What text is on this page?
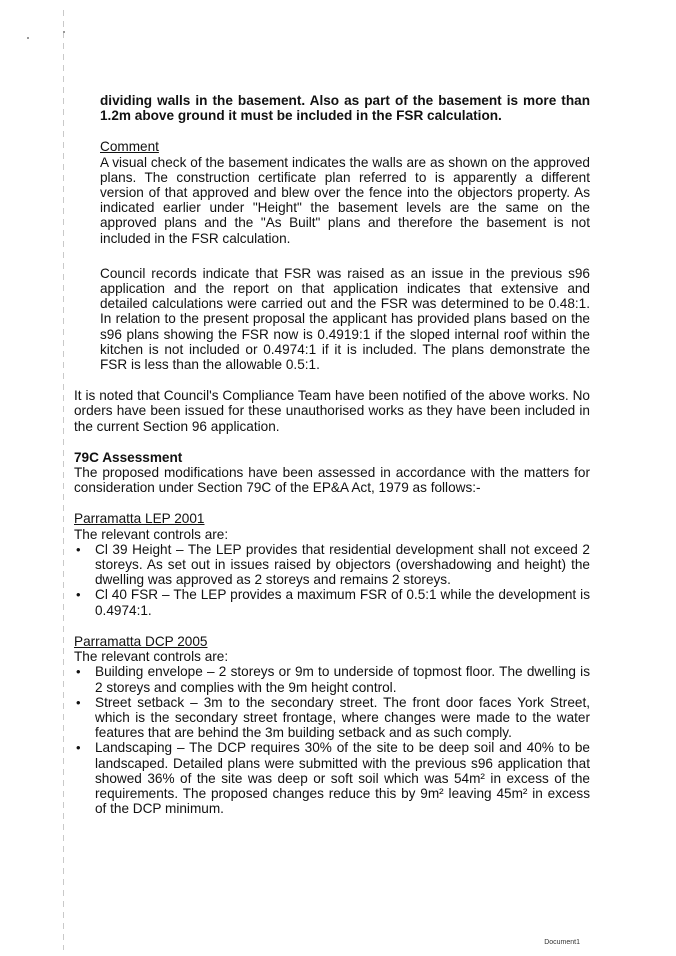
dividing walls in the basement. Also as part of the basement is more than 1.2m above ground it must be included in the FSR calculation.

Comment

A visual check of the basement indicates the walls are as shown on the approved plans. The construction certificate plan referred to is apparently a different version of that approved and blew over the fence into the objectors property. As indicated earlier under "Height" the basement levels are the same on the approved plans and the "As Built" plans and therefore the basement is not included in the FSR calculation.

Council records indicate that FSR was raised as an issue in the previous s96 application and the report on that application indicates that extensive and detailed calculations were carried out and the FSR was determined to be 0.48:1. In relation to the present proposal the applicant has provided plans based on the s96 plans showing the FSR now is 0.4919:1 if the sloped internal roof within the kitchen is not included or 0.4974:1 if it is included. The plans demonstrate the FSR is less than the allowable 0.5:1.

It is noted that Council's Compliance Team have been notified of the above works. No orders have been issued for these unauthorised works as they have been included in the current Section 96 application.

79C Assessment

The proposed modifications have been assessed in accordance with the matters for consideration under Section 79C of the EP&A Act, 1979 as follows:-

Parramatta LEP 2001

The relevant controls are:

• Cl 39 Height – The LEP provides that residential development shall not exceed 2 storeys. As set out in issues raised by objectors (overshadowing and height) the dwelling was approved as 2 storeys and remains 2 storeys.
• Cl 40 FSR – The LEP provides a maximum FSR of 0.5:1 while the development is 0.4974:1.

Parramatta DCP 2005

The relevant controls are:

• Building envelope – 2 storeys or 9m to underside of topmost floor. The dwelling is 2 storeys and complies with the 9m height control.
• Street setback – 3m to the secondary street. The front door faces York Street, which is the secondary street frontage, where changes were made to the water features that are behind the 3m building setback and as such comply.
• Landscaping – The DCP requires 30% of the site to be deep soil and 40% to be landscaped. Detailed plans were submitted with the previous s96 application that showed 36% of the site was deep or soft soil which was 54m² in excess of the requirements. The proposed changes reduce this by 9m² leaving 45m² in excess of the DCP minimum.
Document1
